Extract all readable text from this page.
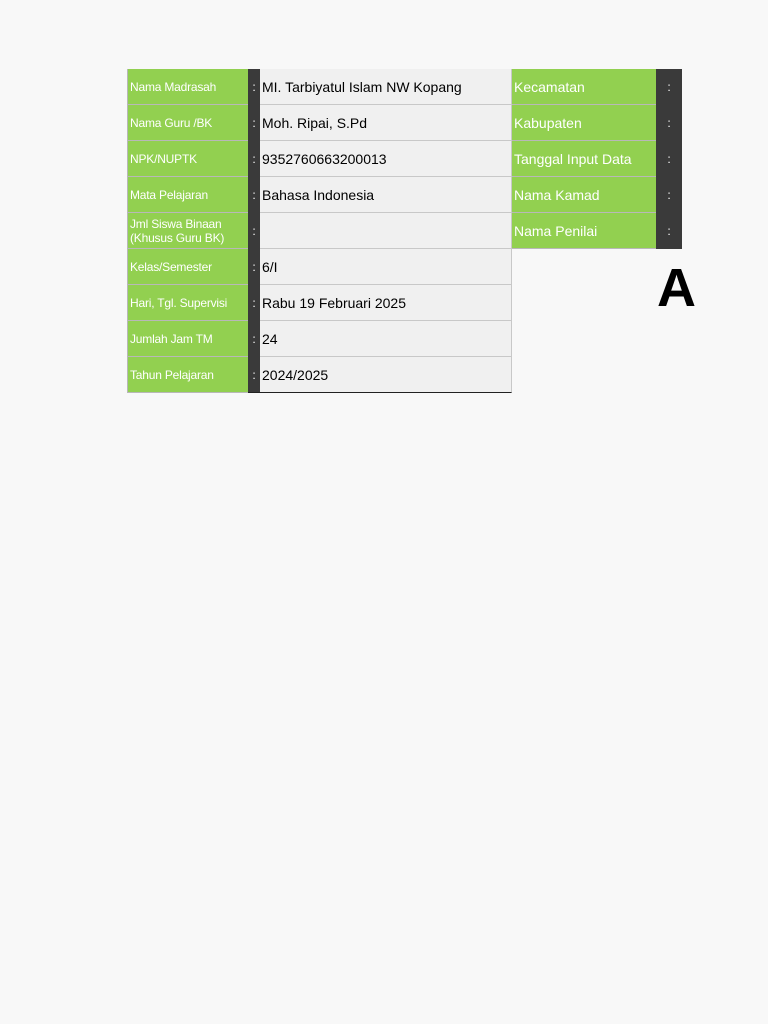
Nama Madrasah	: MI. Tarbiyatul Islam NW Kopang
Nama Guru /BK	: Moh. Ripai, S.Pd
NPK/NUPTK	: 9352760663200013
Mata Pelajaran	: Bahasa Indonesia
Jml Siswa Binaan (Khusus Guru BK)	:
Kelas/Semester	: 6/I
Hari, Tgl. Supervisi	: Rabu 19 Februari 2025
Jumlah Jam TM	: 24
Tahun Pelajaran	: 2024/2025
Kecamatan	:
Kabupaten	:
Tanggal Input Data	:
Nama Kamad	:
Nama Penilai	:
A
